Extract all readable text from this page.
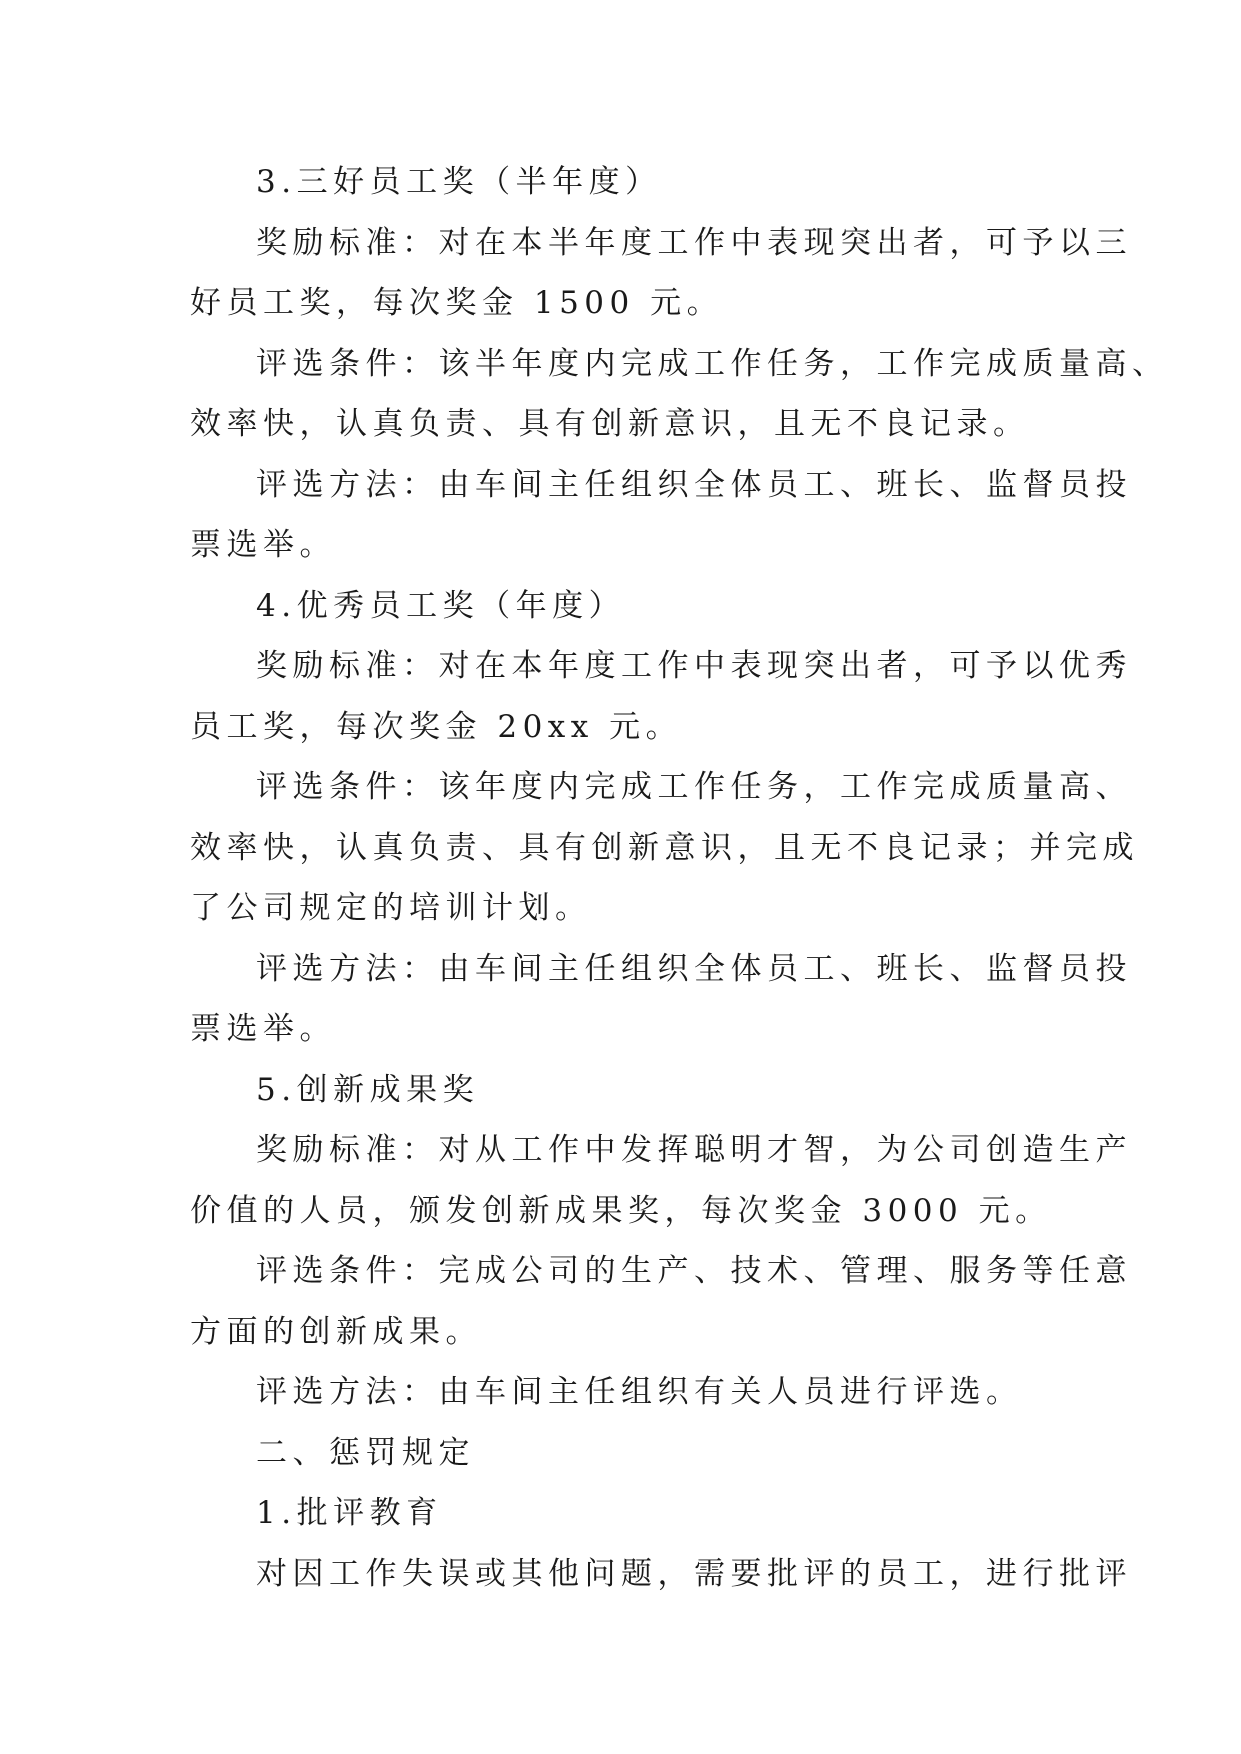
3.三好员工奖（半年度）
奖励标准：对在本半年度工作中表现突出者，可予以三
好员工奖，每次奖金 1500 元。
评选条件：该半年度内完成工作任务，工作完成质量高、
效率快，认真负责、具有创新意识，且无不良记录。
评选方法：由车间主任组织全体员工、班长、监督员投
票选举。
4.优秀员工奖（年度）
奖励标准：对在本年度工作中表现突出者，可予以优秀
员工奖，每次奖金 20xx 元。
评选条件：该年度内完成工作任务，工作完成质量高、
效率快，认真负责、具有创新意识，且无不良记录；并完成
了公司规定的培训计划。
评选方法：由车间主任组织全体员工、班长、监督员投
票选举。
5.创新成果奖
奖励标准：对从工作中发挥聪明才智，为公司创造生产
价值的人员，颁发创新成果奖，每次奖金 3000 元。
评选条件：完成公司的生产、技术、管理、服务等任意
方面的创新成果。
评选方法：由车间主任组织有关人员进行评选。
二、惩罚规定
1.批评教育
对因工作失误或其他问题，需要批评的员工，进行批评
